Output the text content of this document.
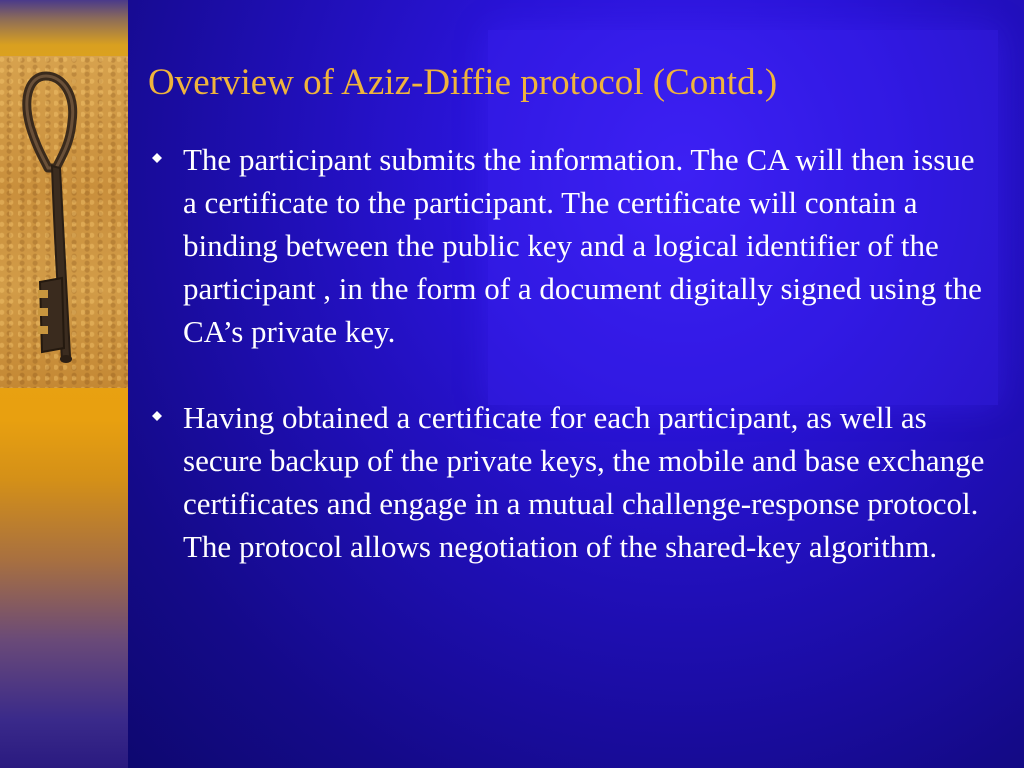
Overview of Aziz-Diffie protocol (Contd.)
The participant submits the information. The CA will then issue a certificate to the participant. The certificate will contain a binding between the public key and a logical identifier of the participant , in the form of a document digitally signed using the CA’s private key.
Having obtained a certificate for each participant, as well as secure backup of the private keys, the mobile and base exchange certificates and engage in a mutual challenge-response protocol. The protocol allows negotiation of the shared-key algorithm.
